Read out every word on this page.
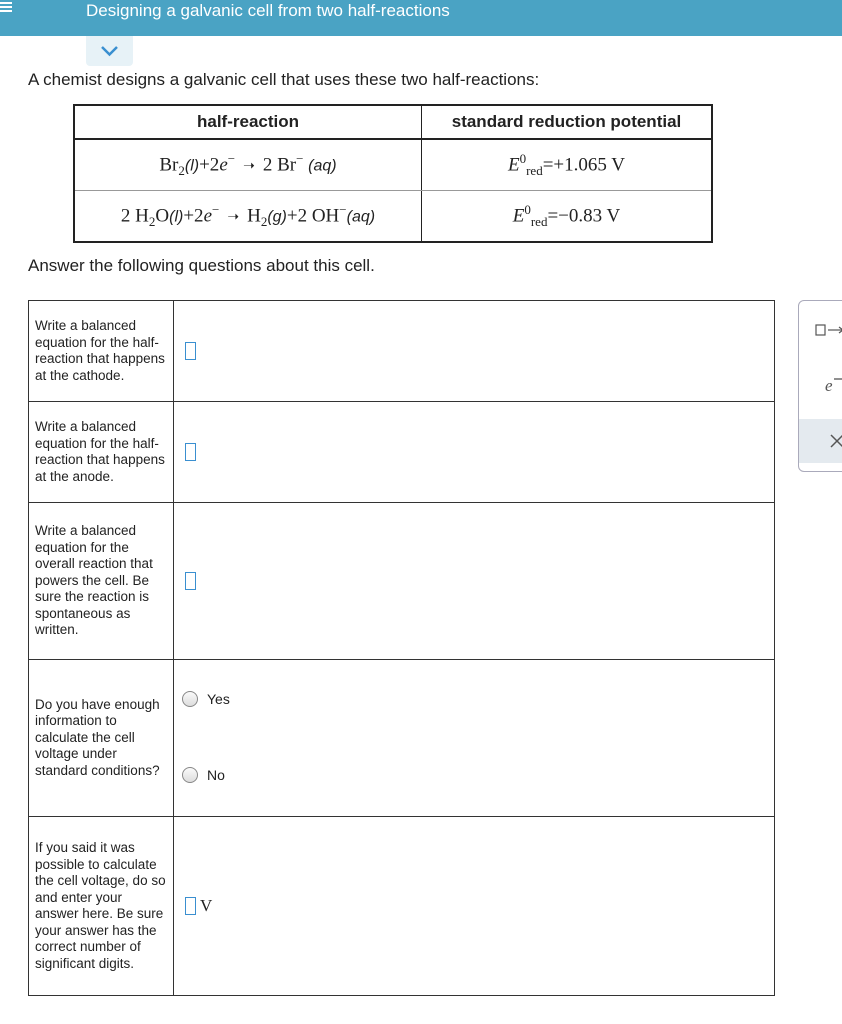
Designing a galvanic cell from two half-reactions
A chemist designs a galvanic cell that uses these two half-reactions:
half-reaction	standard reduction potential
$Br_2(l)+2e^-$ ➝ 2 Br− (aq)	$E^0_{red}=+1.065$ V
2 $H_2O(l)+2e^-$ ➝ $H_2(g)+2$ OH−(aq)	$E^0_{red}=-0.83$ V
Answer the following questions about this cell.
Write a balanced equation for the half-reaction that happens at the cathode.	
Write a balanced equation for the half-reaction that happens at the anode.	
Write a balanced equation for the overall reaction that powers the cell. Be sure the reaction is spontaneous as written.	
Do you have enough information to calculate the cell voltage under standard conditions?	Yes
No

If you said it was possible to calculate the cell voltage, do so and enter your answer here. Be sure your answer has the correct number of significant digits.	V
e
